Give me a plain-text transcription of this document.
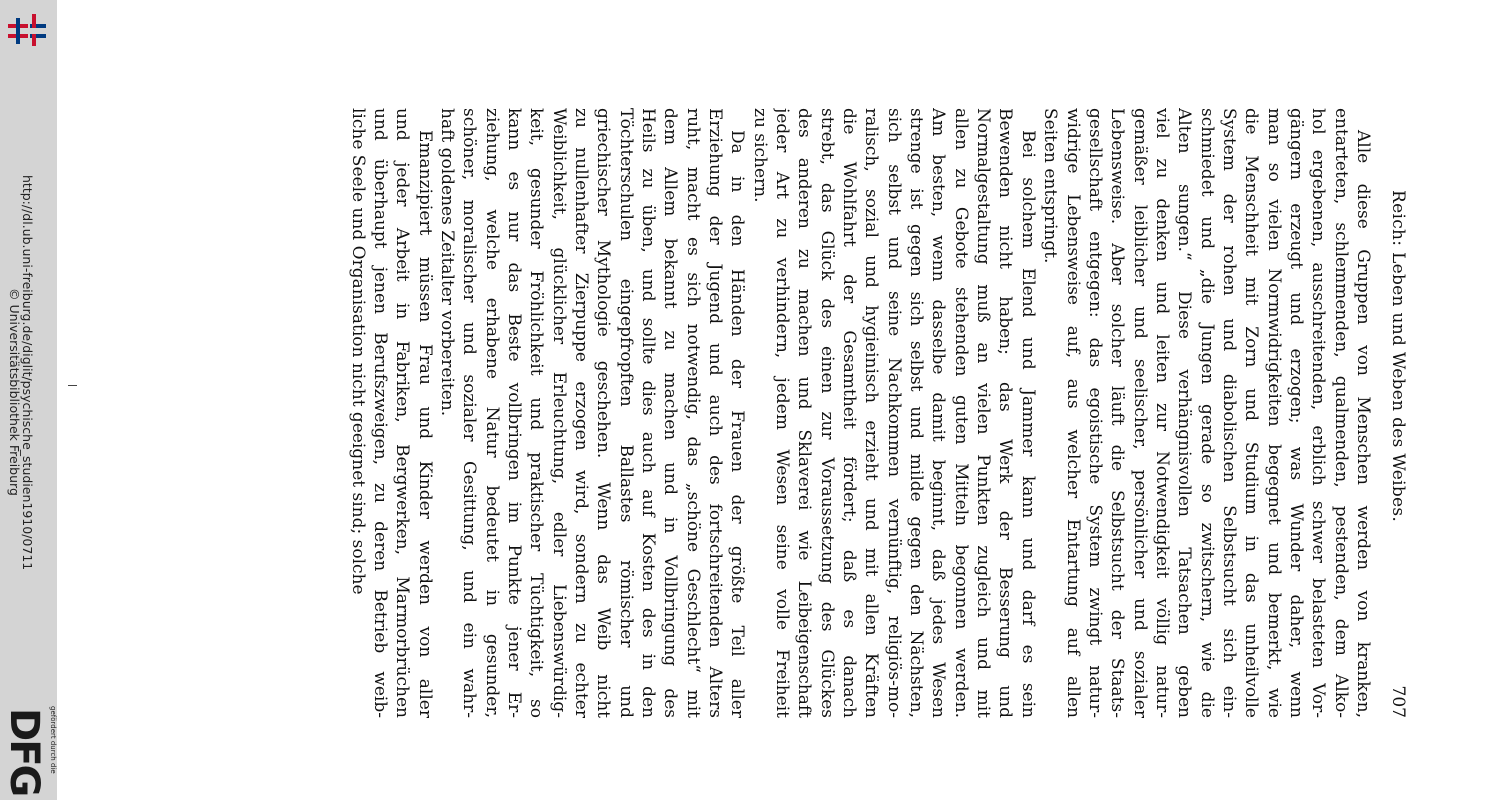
http://dl.ub.uni-freiburg.de/diglit/psychische_studien1910/0711
© Universitätsbibliothek Freiburg
gefördert durch die
DFG
Reich: Leben und Weben des Weibes.
707
Alle diese Gruppen von Menschen werden von kranken,
entarteten, schlemmenden, qualmenden, pestenden, dem Alko-
hol ergebenen, ausschreitenden, erblich schwer belasteten Vor-
gängern erzeugt und erzogen; was Wunder daher, wenn
man so vielen Normwidrigkeiten begegnet und bemerkt, wie
die Menschheit mit Zorn und Studium in das unheilvolle
System der rohen und diabolischen Selbstsucht sich ein-
schmiedet und „die Jungen gerade so zwitschern, wie die
Alten sungen.“ Diese verhängnisvollen Tatsachen geben
viel zu denken und leiten zur Notwendigkeit völlig natur-
gemäßer leiblicher und seelischer, persönlicher und sozialer
Lebensweise. Aber solcher läuft die Selbstsucht der Staats-
gesellschaft entgegen: das egoistische System zwingt natur-
widrige Lebensweise auf, aus welcher Entartung auf allen
Seiten entspringt.
Bei solchem Elend und Jammer kann und darf es sein
Bewenden nicht haben; das Werk der Besserung und
Normalgestaltung muß an vielen Punkten zugleich und mit
allen zu Gebote stehenden guten Mitteln begonnen werden.
Am besten, wenn dasselbe damit beginnt, daß jedes Wesen
strenge ist gegen sich selbst und milde gegen den Nächsten,
sich selbst und seine Nachkommen vernünftig, religiös-mo-
ralisch, sozial und hygieinisch erzieht und mit allen Kräften
die Wohlfahrt der Gesamtheit fördert; daß es danach
strebt, das Glück des einen zur Voraussetzung des Glückes
des anderen zu machen und Sklaverei wie Leibeigenschaft
jeder Art zu verhindern, jedem Wesen seine volle Freiheit
zu sichern.
Da in den Händen der Frauen der größte Teil aller
Erziehung der Jugend und auch des fortschreitenden Alters
ruht, macht es sich notwendig, das „schöne Geschlecht“ mit
dem Allem bekannt zu machen und in Vollbringung des
Heils zu üben, und sollte dies auch auf Kosten des in den
Töchterschulen eingepfropften Ballastes römischer und
griechischer Mythologie geschehen. Wenn das Weib nicht
zu nullenhafter Zierpuppe erzogen wird, sondern zu echter
Weiblichkeit, glücklicher Erleuchtung, edler Liebenswürdig-
keit, gesunder Fröhlichkeit und praktischer Tüchtigkeit, so
kann es nur das Beste vollbringen im Punkte jener Er-
ziehung, welche erhabene Natur bedeutet in gesunder,
schöner, moralischer und sozialer Gesittung, und ein wahr-
haft goldenes Zeitalter vorbereiten.
Emanzipiert müssen Frau und Kinder werden von aller
und jeder Arbeit in Fabriken, Bergwerken, Marmorbrüchen
und überhaupt jenen Berufszweigen, zu deren Betrieb weib-
liche Seele und Organisation nicht geeignet sind; solche
